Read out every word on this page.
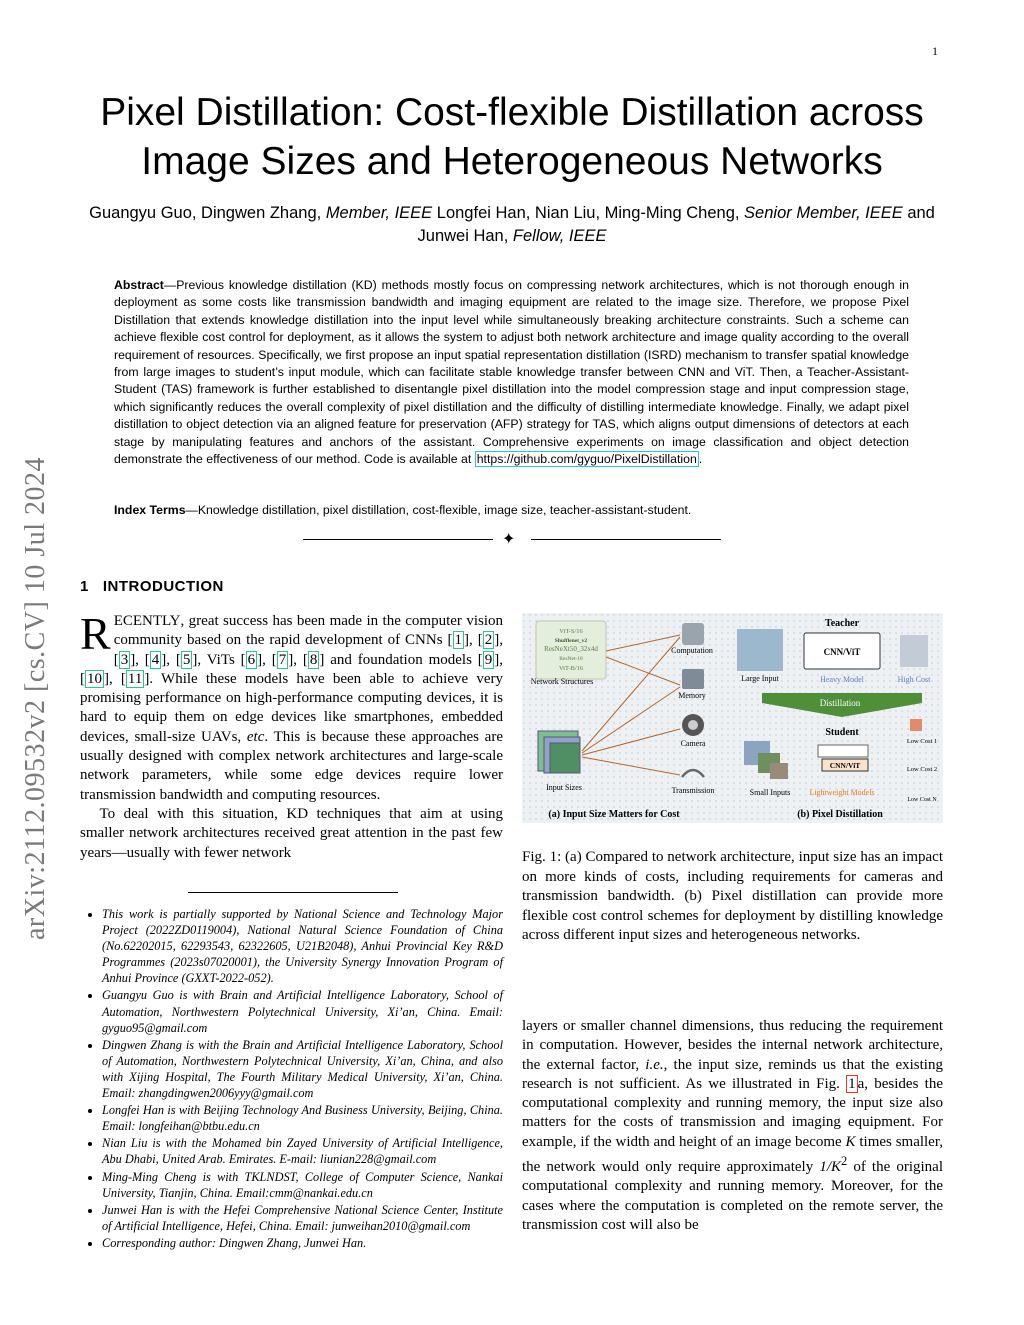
1
Pixel Distillation: Cost-flexible Distillation across Image Sizes and Heterogeneous Networks
Guangyu Guo, Dingwen Zhang, Member, IEEE Longfei Han, Nian Liu, Ming-Ming Cheng, Senior Member, IEEE and Junwei Han, Fellow, IEEE
Abstract—Previous knowledge distillation (KD) methods mostly focus on compressing network architectures, which is not thorough enough in deployment as some costs like transmission bandwidth and imaging equipment are related to the image size. Therefore, we propose Pixel Distillation that extends knowledge distillation into the input level while simultaneously breaking architecture constraints. Such a scheme can achieve flexible cost control for deployment, as it allows the system to adjust both network architecture and image quality according to the overall requirement of resources. Specifically, we first propose an input spatial representation distillation (ISRD) mechanism to transfer spatial knowledge from large images to student’s input module, which can facilitate stable knowledge transfer between CNN and ViT. Then, a Teacher-Assistant-Student (TAS) framework is further established to disentangle pixel distillation into the model compression stage and input compression stage, which significantly reduces the overall complexity of pixel distillation and the difficulty of distilling intermediate knowledge. Finally, we adapt pixel distillation to object detection via an aligned feature for preservation (AFP) strategy for TAS, which aligns output dimensions of detectors at each stage by manipulating features and anchors of the assistant. Comprehensive experiments on image classification and object detection demonstrate the effectiveness of our method. Code is available at https://github.com/gyguo/PixelDistillation .
Index Terms—Knowledge distillation, pixel distillation, cost-flexible, image size, teacher-assistant-student.
✦
arXiv:2112.09532v2 [cs.CV] 10 Jul 2024	1 INTRODUCTION

RECENTLY, great success has been made in the computer vision community based on the rapid development of CNNs [ 1 ], [ 2 ], [ 3 ], [ 4 ], [ 5 ], ViTs [ 6 ], [ 7 ], [ 8 ] and foundation models [ 9 ], [ 10 ], [ 11 ]. While these models have been able to achieve very promising performance on high-performance computing devices, it is hard to equip them on edge devices like smartphones, embedded devices, small-size UAVs, etc. This is because these approaches are usually designed with complex network architectures and large-scale network parameters, while some edge devices require lower transmission bandwidth and computing resources.

To deal with this situation, KD techniques that aim at using smaller network architectures received great attention in the past few years—usually with fewer network

• This work is partially supported by National Science and Technology Major Project (2022ZD0119004), National Natural Science Foundation of China (No.62202015, 62293543, 62322605, U21B2048), Anhui Provincial Key R&D Programmes (2023s07020001), the University Synergy Innovation Program of Anhui Province (GXXT-2022-052).
• Guangyu Guo is with Brain and Artificial Intelligence Laboratory, School of Automation, Northwestern Polytechnical University, Xi’an, China. Email: gyguo95@gmail.com
• Dingwen Zhang is with the Brain and Artificial Intelligence Laboratory, School of Automation, Northwestern Polytechnical University, Xi’an, China, and also with Xijing Hospital, The Fourth Military Medical University, Xi’an, China. Email: zhangdingwen2006yyy@gmail.com
• Longfei Han is with Beijing Technology And Business University, Beijing, China. Email: longfeihan@btbu.edu.cn
• Nian Liu is with the Mohamed bin Zayed University of Artificial Intelligence, Abu Dhabi, United Arab. Emirates. E-mail: liunian228@gmail.com
• Ming-Ming Cheng is with TKLNDST, College of Computer Science, Nankai University, Tianjin, China. Email:cmm@nankai.edu.cn
• Junwei Han is with the Hefei Comprehensive National Science Center, Institute of Artificial Intelligence, Hefei, China. Email: junweihan2010@gmail.com
• Corresponding author: Dingwen Zhang, Junwei Han.
ViT-S/16
Shufflenet_v2
ResNeXt50_32x4d
ResNet-18
ViT-B/16
Network Structures
Input Sizes
Computation
Memory
Camera
Transmission
Teacher
Large Input
CNN/ViT
Heavy Model	High Cost
Distillation
Student
Small Inputs
CNN/ViT
Lightweight Models
Low Cost 1
Low Cost 2
Low Cost N
(a) Input Size Matters for Cost	(b) Pixel Distillation
Fig. 1: (a) Compared to network architecture, input size has an impact on more kinds of costs, including requirements for cameras and transmission bandwidth. (b) Pixel distillation can provide more flexible cost control schemes for deployment by distilling knowledge across different input sizes and heterogeneous networks.
layers or smaller channel dimensions, thus reducing the requirement in computation. However, besides the internal network architecture, the external factor, i.e., the input size, reminds us that the existing research is not sufficient. As we illustrated in Fig. 1 a, besides the computational complexity and running memory, the input size also matters for the costs of transmission and imaging equipment. For example, if the width and height of an image become K times smaller, the network would only require approximately $1/K^2$ of the original computational complexity and running memory. Moreover, for the cases where the computation is completed on the remote server, the transmission cost will also be
